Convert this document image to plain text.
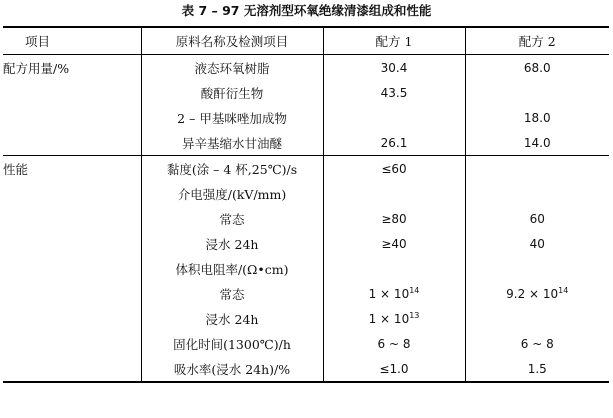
表 7 – 97 无溶剂型环氧绝缘清漆组成和性能
项目	原料名称及检测项目	配方 1	配方 2
配方用量/%	液态环氧树脂	30.4	68.0
	酸酐衍生物	43.5	
	2 – 甲基咪唑加成物		18.0
	异辛基缩水甘油醚	26.1	14.0
性能	黏度(涂 – 4 杯,25℃)/s	≤60	
	介电强度/(kV/mm)		
	常态	≥80	60
	浸水 24h	≥40	40
	体积电阻率/(Ω•cm)		
	常态	$1 \times 10^{14}$	$9.2 \times 10^{14}$
	浸水 24h	$1 \times 10^{13}$	
	固化时间(1300℃)/h	6 ~ 8	6 ~ 8
	吸水率(浸水 24h)/%	≤1.0	1.5
